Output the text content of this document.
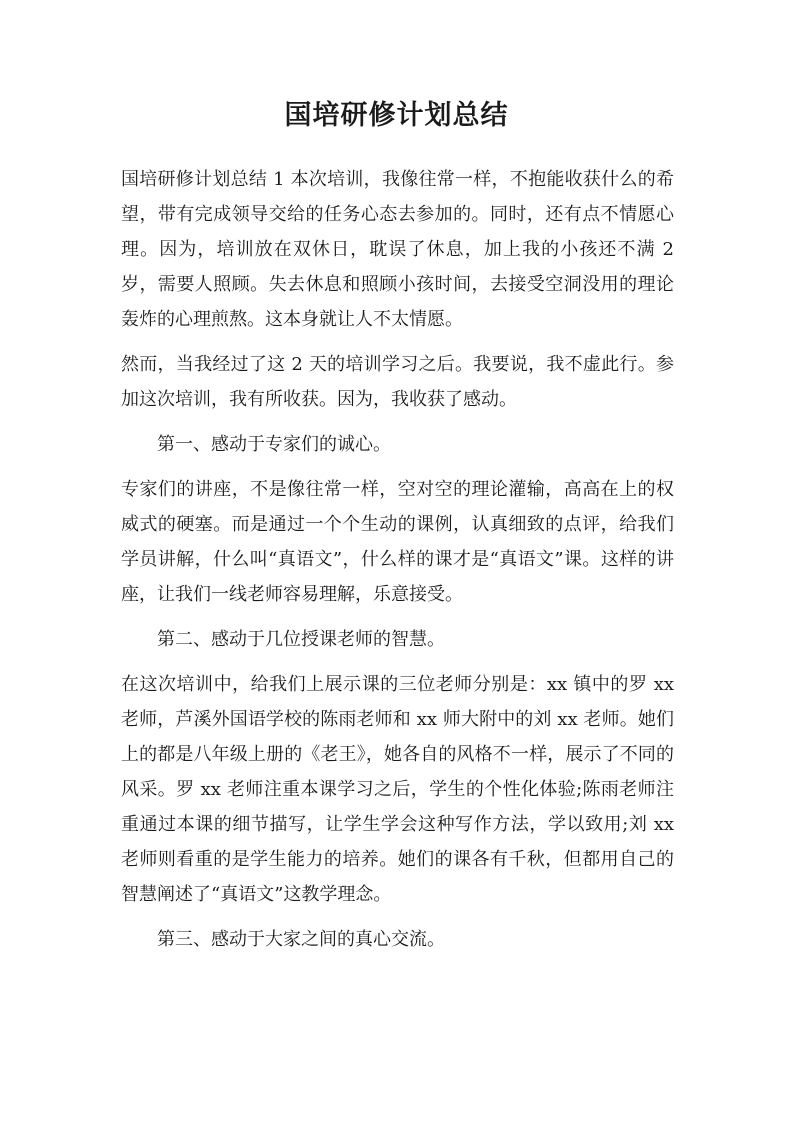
国培研修计划总结

国培研修计划总结 1 本次培训，我像往常一样，不抱能收获什么的希望，带有完成领导交给的任务心态去参加的。同时，还有点不情愿心理。因为，培训放在双休日，耽误了休息，加上我的小孩还不满 2 岁，需要人照顾。失去休息和照顾小孩时间，去接受空洞没用的理论轰炸的心理煎熬。这本身就让人不太情愿。

然而，当我经过了这 2 天的培训学习之后。我要说，我不虚此行。参加这次培训，我有所收获。因为，我收获了感动。

第一、感动于专家们的诚心。

专家们的讲座，不是像往常一样，空对空的理论灌输，高高在上的权威式的硬塞。而是通过一个个生动的课例，认真细致的点评，给我们学员讲解，什么叫“真语文”，什么样的课才是“真语文”课。这样的讲座，让我们一线老师容易理解，乐意接受。

第二、感动于几位授课老师的智慧。

在这次培训中，给我们上展示课的三位老师分别是：xx 镇中的罗 xx 老师，芦溪外国语学校的陈雨老师和 xx 师大附中的刘 xx 老师。她们上的都是八年级上册的《老王》，她各自的风格不一样，展示了不同的风采。罗 xx 老师注重本课学习之后，学生的个性化体验;陈雨老师注重通过本课的细节描写，让学生学会这种写作方法，学以致用;刘 xx 老师则看重的是学生能力的培养。她们的课各有千秋，但都用自己的智慧阐述了“真语文”这教学理念。

第三、感动于大家之间的真心交流。
